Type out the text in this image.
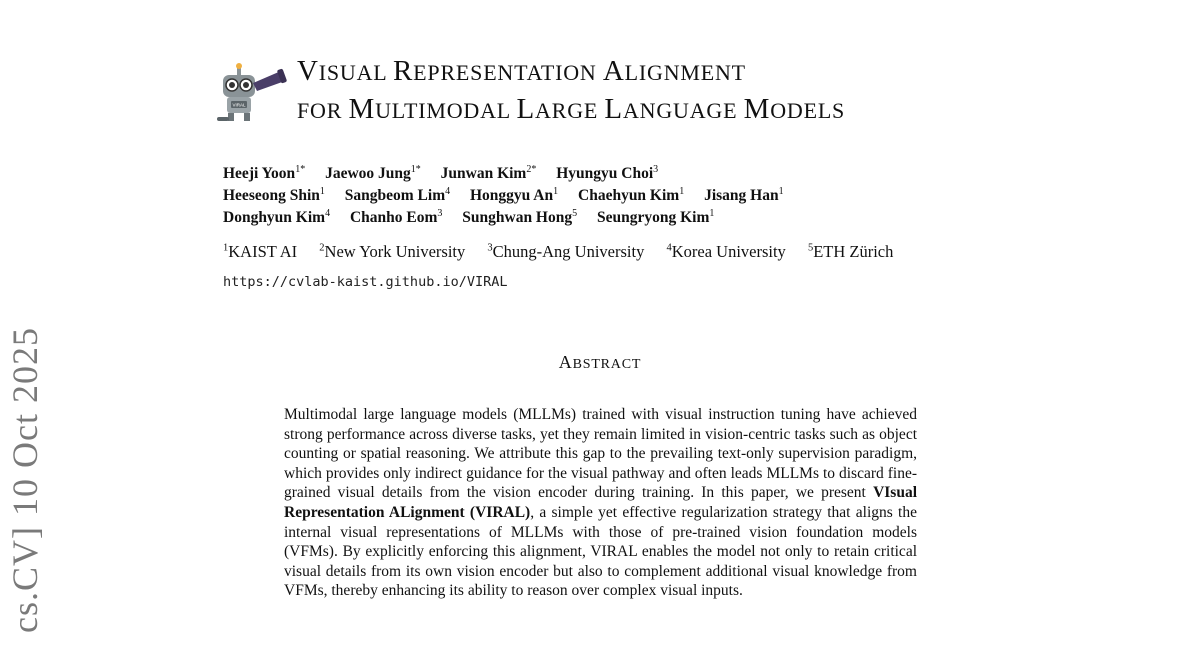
cs.CV] 10 Oct 2025
VIRAL
VISUAL REPRESENTATION ALIGNMENT
FOR MULTIMODAL LARGE LANGUAGE MODELS
Heeji Yoon$^{1*}$ Jaewoo Jung$^{1*}$ Junwan Kim$^{2*}$ Hyungyu Choi$^3$
Heeseong Shin$^1$ Sangbeom Lim$^4$ Honggyu An$^1$ Chaehyun Kim$^1$ Jisang Han$^1$
Donghyun Kim$^4$ Chanho Eom$^3$ Sunghwan Hong$^5$ Seungryong Kim$^1$
$^1$KAIST AI $^2$New York University $^3$Chung-Ang University $^4$Korea University $^5$ETH Zürich
https://cvlab-kaist.github.io/VIRAL
ABSTRACT
Multimodal large language models (MLLMs) trained with visual instruction tuning have achieved strong performance across diverse tasks, yet they remain limited in vision-centric tasks such as object counting or spatial reasoning. We attribute this gap to the prevailing text-only supervision paradigm, which provides only indirect guidance for the visual pathway and often leads MLLMs to discard finegrained visual details from the vision encoder during training. In this paper, we present VIsual Representation ALignment (VIRAL), a simple yet effective regularization strategy that aligns the internal visual representations of MLLMs with those of pre-trained vision foundation models (VFMs). By explicitly enforcing this alignment, VIRAL enables the model not only to retain critical visual details from its own vision encoder but also to complement additional visual knowledge from VFMs, thereby enhancing its ability to reason over complex visual inputs.
